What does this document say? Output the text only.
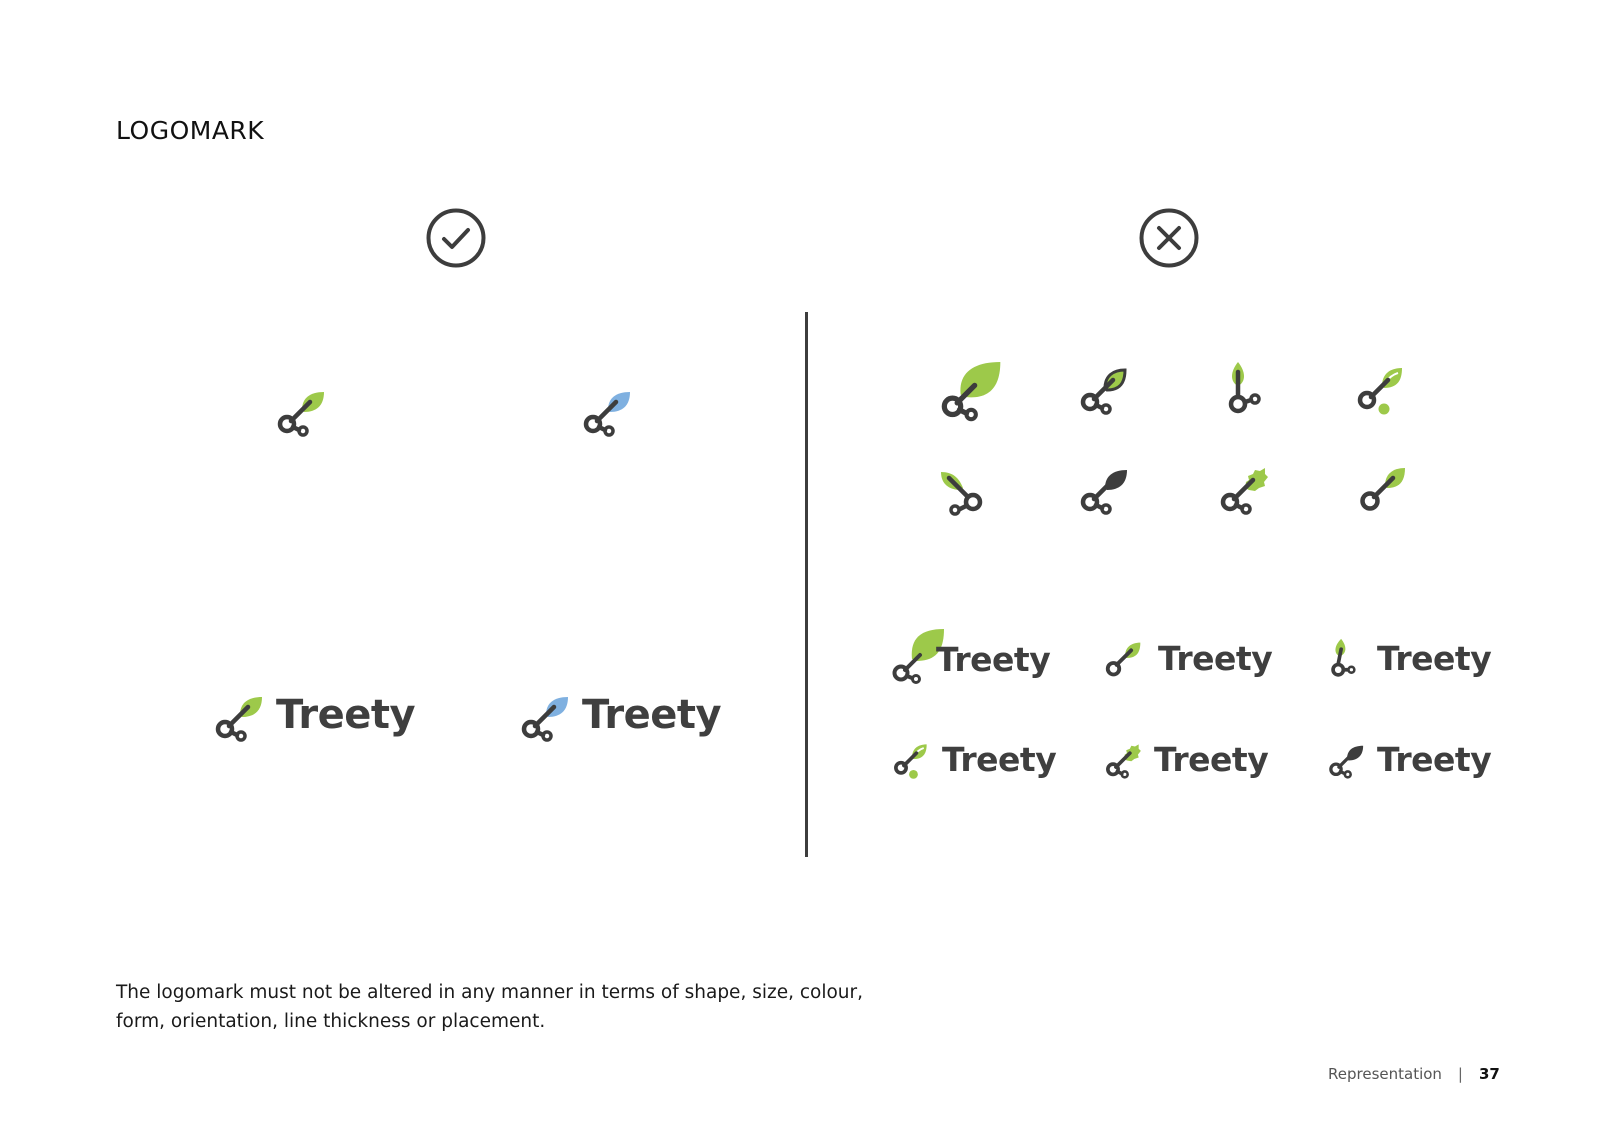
LOGOMARK
Treety	Treety
Treety	Treety	Treety
Treety	Treety	Treety
The logomark must not be altered in any manner in terms of shape, size, colour, form, orientation, line thickness or placement.
Representation | 37
